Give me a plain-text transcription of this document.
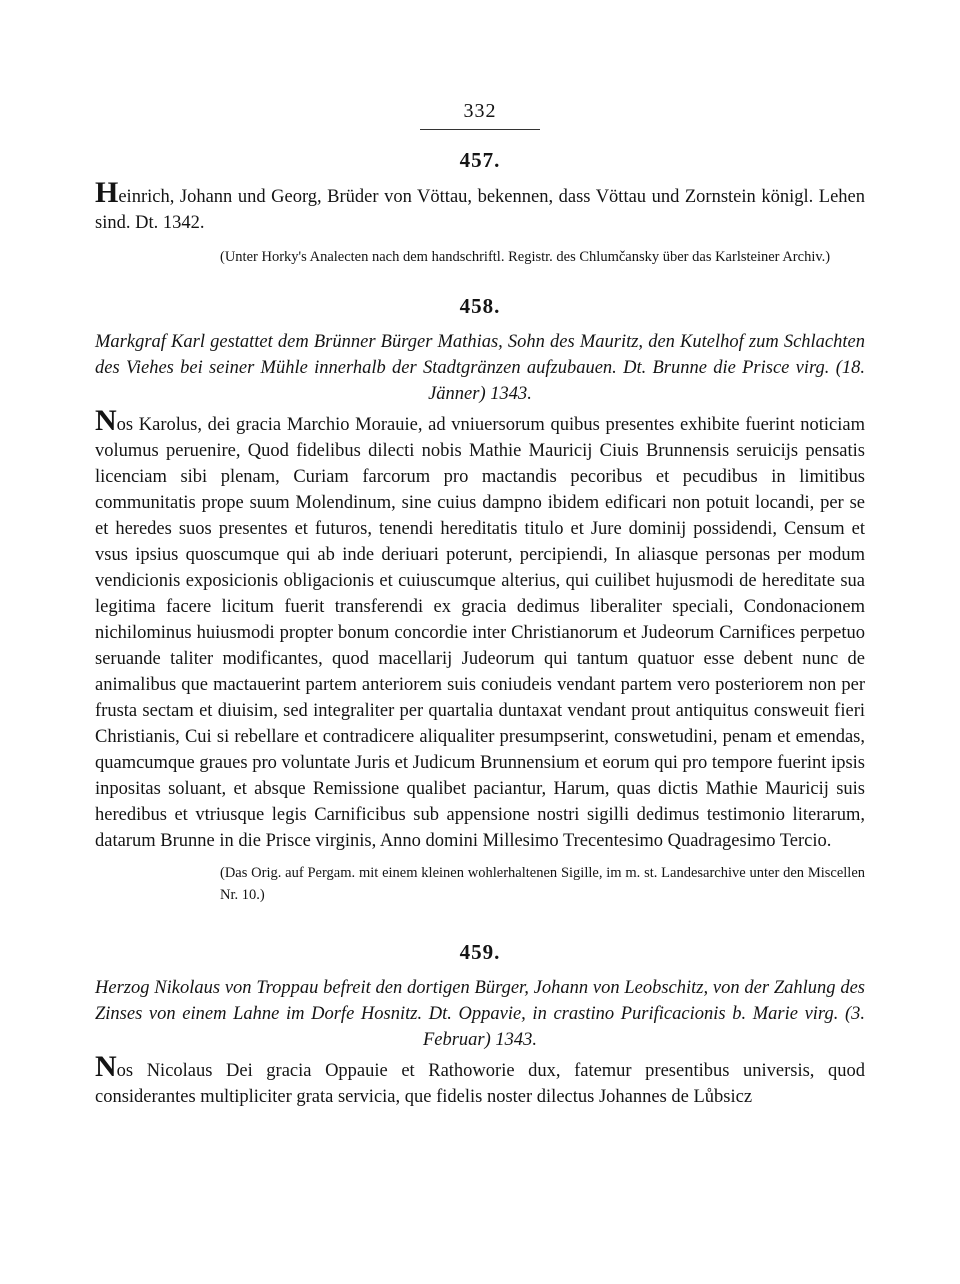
332
457.

Heinrich, Johann und Georg, Brüder von Vöttau, bekennen, dass Vöttau und Zornstein königl. Lehen sind. Dt. 1342.

(Unter Horky's Analecten nach dem handschriftl. Registr. des Chlumčansky über das Karlsteiner Archiv.)

458.

Markgraf Karl gestattet dem Brünner Bürger Mathias, Sohn des Mauritz, den Kutelhof zum Schlachten des Viehes bei seiner Mühle innerhalb der Stadtgränzen aufzubauen. Dt. Brunne die Prisce virg. (18. Jänner) 1343.

Nos Karolus, dei gracia Marchio Morauie, ad vniuersorum quibus presentes exhibite fuerint noticiam volumus peruenire, Quod fidelibus dilecti nobis Mathie Mauricij Ciuis Brunnensis seruicijs pensatis licenciam sibi plenam, Curiam farcorum pro mactandis pecoribus et pecudibus in limitibus communitatis prope suum Molendinum, sine cuius dampno ibidem edificari non potuit locandi, per se et heredes suos presentes et futuros, tenendi hereditatis titulo et Jure dominij possidendi, Censum et vsus ipsius quoscumque qui ab inde deriuari poterunt, percipiendi, In aliasque personas per modum vendicionis exposicionis obligacionis et cuiuscumque alterius, qui cuilibet hujusmodi de hereditate sua legitima facere licitum fuerit transferendi ex gracia dedimus liberaliter speciali, Condonacionem nichilominus huiusmodi propter bonum concordie inter Christianorum et Judeorum Carnifices perpetuo seruande taliter modificantes, quod macellarij Judeorum qui tantum quatuor esse debent nunc de animalibus que mactauerint partem anteriorem suis coniudeis vendant partem vero posteriorem non per frusta sectam et diuisim, sed integraliter per quartalia duntaxat vendant prout antiquitus consweuit fieri Christianis, Cui si rebellare et contradicere aliqualiter presumpserint, conswetudini, penam et emendas, quamcumque graues pro voluntate Juris et Judicum Brunnensium et eorum qui pro tempore fuerint ipsis inpositas soluant, et absque Remissione qualibet paciantur, Harum, quas dictis Mathie Mauricij suis heredibus et vtriusque legis Carnificibus sub appensione nostri sigilli dedimus testimonio literarum, datarum Brunne in die Prisce virginis, Anno domini Millesimo Trecentesimo Quadragesimo Tercio.

(Das Orig. auf Pergam. mit einem kleinen wohlerhaltenen Sigille, im m. st. Landesarchive unter den Miscellen Nr. 10.)

459.

Herzog Nikolaus von Troppau befreit den dortigen Bürger, Johann von Leobschitz, von der Zahlung des Zinses von einem Lahne im Dorfe Hosnitz. Dt. Oppavie, in crastino Purificacionis b. Marie virg. (3. Februar) 1343.

Nos Nicolaus Dei gracia Oppauie et Rathoworie dux, fatemur presentibus universis, quod considerantes multipliciter grata servicia, que fidelis noster dilectus Johannes de Lůbsicz
